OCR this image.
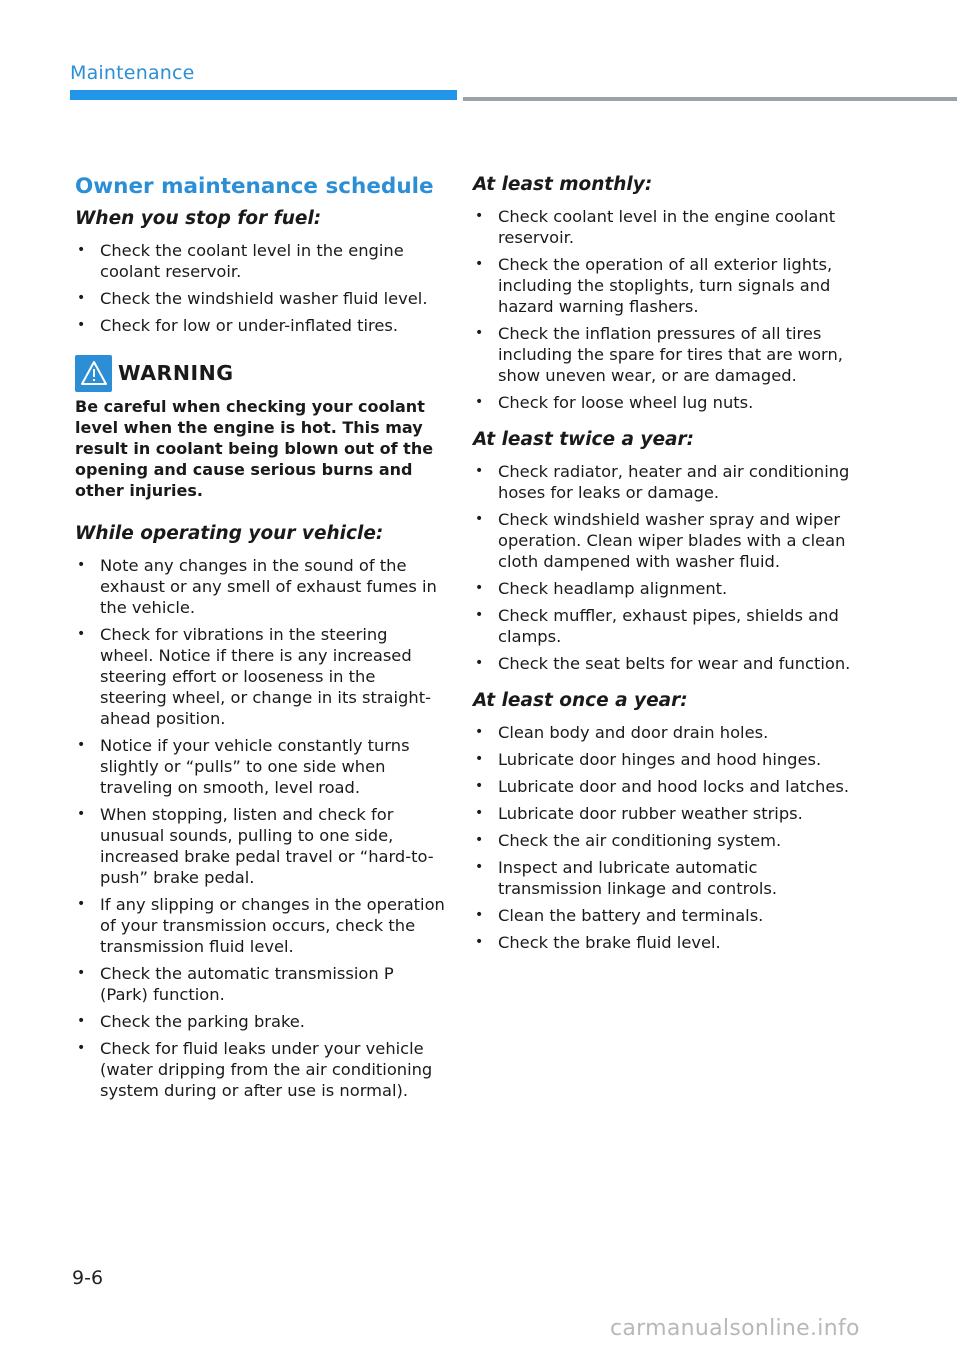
Maintenance
Owner maintenance schedule
When you stop for fuel:
• Check the coolant level in the engine coolant reservoir.
• Check the windshield washer fluid level.
• Check for low or under-inflated tires.
WARNING

Be careful when checking your coolant level when the engine is hot. This may result in coolant being blown out of the opening and cause serious burns and other injuries.

While operating your vehicle:
• Note any changes in the sound of the exhaust or any smell of exhaust fumes in the vehicle.
• Check for vibrations in the steering wheel. Notice if there is any increased steering effort or looseness in the steering wheel, or change in its straight-ahead position.
• Notice if your vehicle constantly turns slightly or “pulls” to one side when traveling on smooth, level road.
• When stopping, listen and check for unusual sounds, pulling to one side, increased brake pedal travel or “hard-to-push” brake pedal.
• If any slipping or changes in the operation of your transmission occurs, check the transmission fluid level.
• Check the automatic transmission P (Park) function.
• Check the parking brake.
• Check for fluid leaks under your vehicle (water dripping from the air conditioning system during or after use is normal).
At least monthly:
• Check coolant level in the engine coolant reservoir.
• Check the operation of all exterior lights, including the stoplights, turn signals and hazard warning flashers.
• Check the inflation pressures of all tires including the spare for tires that are worn, show uneven wear, or are damaged.
• Check for loose wheel lug nuts.
At least twice a year:
• Check radiator, heater and air conditioning hoses for leaks or damage.
• Check windshield washer spray and wiper operation. Clean wiper blades with a clean cloth dampened with washer fluid.
• Check headlamp alignment.
• Check muffler, exhaust pipes, shields and clamps.
• Check the seat belts for wear and function.
At least once a year:
• Clean body and door drain holes.
• Lubricate door hinges and hood hinges.
• Lubricate door and hood locks and latches.
• Lubricate door rubber weather strips.
• Check the air conditioning system.
• Inspect and lubricate automatic transmission linkage and controls.
• Clean the battery and terminals.
• Check the brake fluid level.
9-6
carmanualsonline.info
